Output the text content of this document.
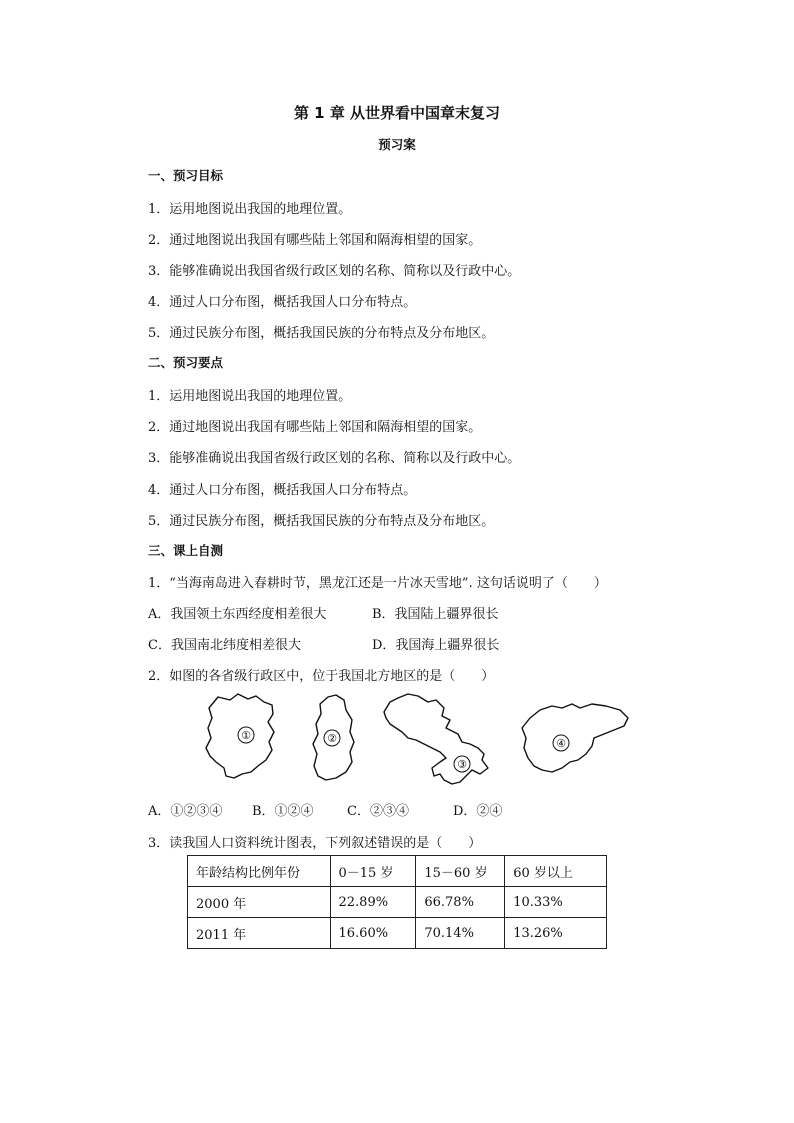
第 1 章 从世界看中国章末复习
预习案
一、预习目标
1．运用地图说出我国的地理位置。
2．通过地图说出我国有哪些陆上邻国和隔海相望的国家。
3．能够准确说出我国省级行政区划的名称、简称以及行政中心。
4．通过人口分布图，概括我国人口分布特点。
5．通过民族分布图，概括我国民族的分布特点及分布地区。
二、预习要点
1．运用地图说出我国的地理位置。
2．通过地图说出我国有哪些陆上邻国和隔海相望的国家。
3．能够准确说出我国省级行政区划的名称、简称以及行政中心。
4．通过人口分布图，概括我国人口分布特点。
5．通过民族分布图，概括我国民族的分布特点及分布地区。
三、课上自测
1．“当海南岛进入春耕时节，黑龙江还是一片冰天雪地”. 这句话说明了（　　）
A．我国领土东西经度相差很大	B．我国陆上疆界很长
C．我国南北纬度相差很大	D．我国海上疆界很长
2．如图的各省级行政区中，位于我国北方地区的是（　　）
①	②
③
④
A．①②③④ B．①②④	C．②③④	D．②④
3．读我国人口资料统计图表，下列叙述错误的是（　　）
年龄结构比例年份	0－15 岁	15－60 岁	60 岁以上
2000 年	22.89%	66.78%	10.33%
2011 年	16.60%	70.14%	13.26%
